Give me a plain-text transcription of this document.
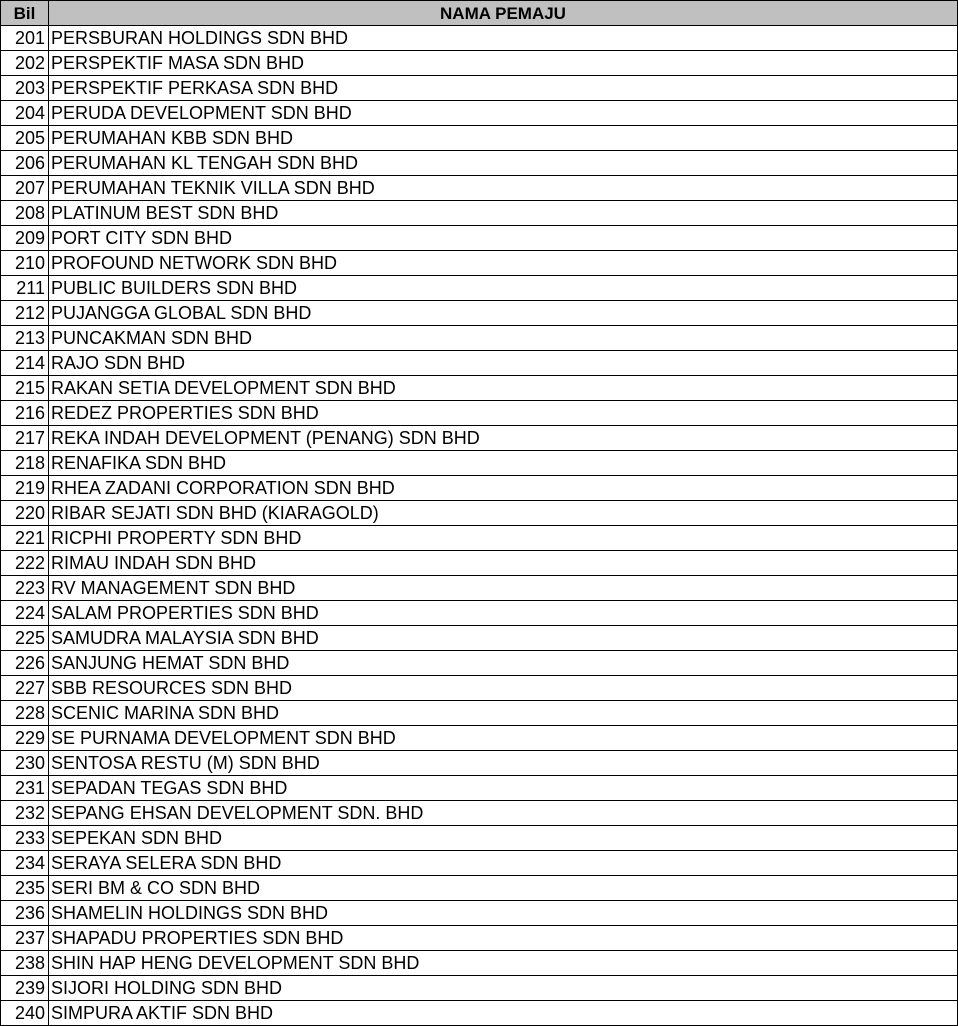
Bil	NAMA PEMAJU
201	PERSBURAN HOLDINGS SDN BHD
202	PERSPEKTIF MASA SDN BHD
203	PERSPEKTIF PERKASA SDN BHD
204	PERUDA DEVELOPMENT SDN BHD
205	PERUMAHAN KBB SDN BHD
206	PERUMAHAN KL TENGAH SDN BHD
207	PERUMAHAN TEKNIK VILLA SDN BHD
208	PLATINUM BEST SDN BHD
209	PORT CITY SDN BHD
210	PROFOUND NETWORK SDN BHD
211	PUBLIC BUILDERS SDN BHD
212	PUJANGGA GLOBAL SDN BHD
213	PUNCAKMAN SDN BHD
214	RAJO SDN BHD
215	RAKAN SETIA DEVELOPMENT SDN BHD
216	REDEZ PROPERTIES SDN BHD
217	REKA INDAH DEVELOPMENT (PENANG) SDN BHD
218	RENAFIKA SDN BHD
219	RHEA ZADANI CORPORATION SDN BHD
220	RIBAR SEJATI SDN BHD (KIARAGOLD)
221	RICPHI PROPERTY SDN BHD
222	RIMAU INDAH SDN BHD
223	RV MANAGEMENT SDN BHD
224	SALAM PROPERTIES SDN BHD
225	SAMUDRA MALAYSIA SDN BHD
226	SANJUNG HEMAT SDN BHD
227	SBB RESOURCES SDN BHD
228	SCENIC MARINA SDN BHD
229	SE PURNAMA DEVELOPMENT SDN BHD
230	SENTOSA RESTU (M) SDN BHD
231	SEPADAN TEGAS SDN BHD
232	SEPANG EHSAN DEVELOPMENT SDN. BHD
233	SEPEKAN SDN BHD
234	SERAYA SELERA SDN BHD
235	SERI BM & CO SDN BHD
236	SHAMELIN HOLDINGS SDN BHD
237	SHAPADU PROPERTIES SDN BHD
238	SHIN HAP HENG DEVELOPMENT SDN BHD
239	SIJORI HOLDING SDN BHD
240	SIMPURA AKTIF SDN BHD
